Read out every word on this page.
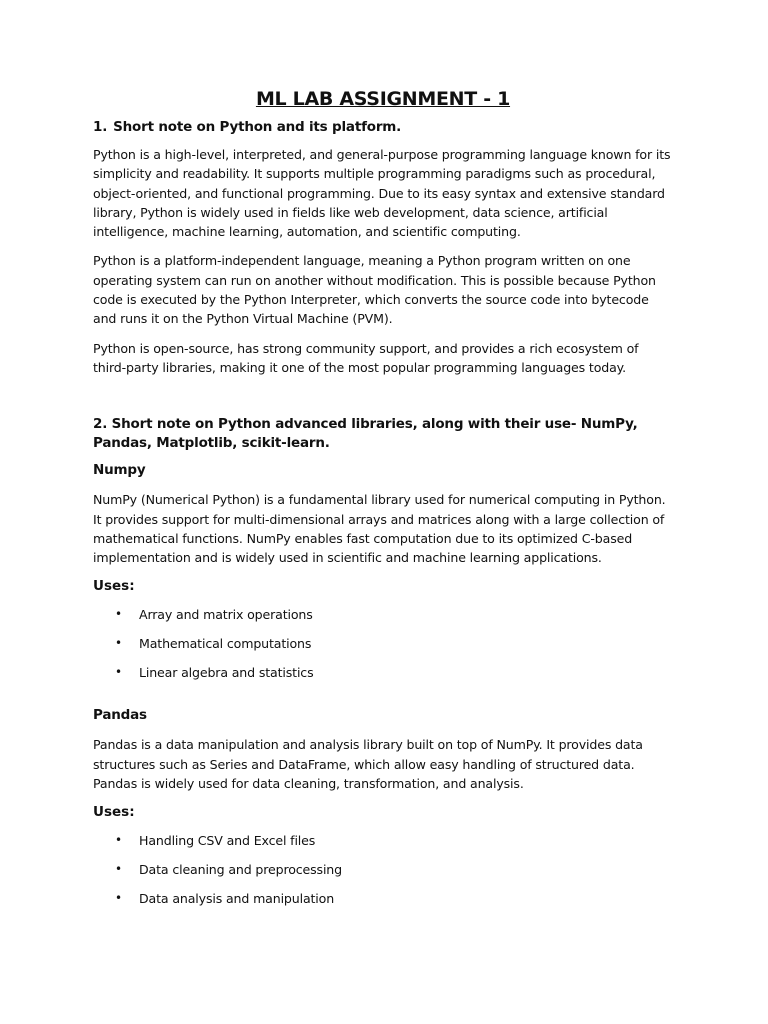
ML LAB ASSIGNMENT - 1
1. Short note on Python and its platform.

Python is a high-level, interpreted, and general-purpose programming language known for its simplicity and readability. It supports multiple programming paradigms such as procedural, object-oriented, and functional programming. Due to its easy syntax and extensive standard library, Python is widely used in fields like web development, data science, artificial intelligence, machine learning, automation, and scientific computing.

Python is a platform-independent language, meaning a Python program written on one operating system can run on another without modification. This is possible because Python code is executed by the Python Interpreter, which converts the source code into bytecode and runs it on the Python Virtual Machine (PVM).

Python is open-source, has strong community support, and provides a rich ecosystem of third-party libraries, making it one of the most popular programming languages today.

2. Short note on Python advanced libraries, along with their use- NumPy, Pandas, Matplotlib, scikit-learn.
Numpy

NumPy (Numerical Python) is a fundamental library used for numerical computing in Python. It provides support for multi-dimensional arrays and matrices along with a large collection of mathematical functions. NumPy enables fast computation due to its optimized C-based implementation and is widely used in scientific and machine learning applications.

Uses:
• Array and matrix operations
• Mathematical computations
• Linear algebra and statistics
Pandas

Pandas is a data manipulation and analysis library built on top of NumPy. It provides data structures such as Series and DataFrame, which allow easy handling of structured data. Pandas is widely used for data cleaning, transformation, and analysis.

Uses:
• Handling CSV and Excel files
• Data cleaning and preprocessing
• Data analysis and manipulation
